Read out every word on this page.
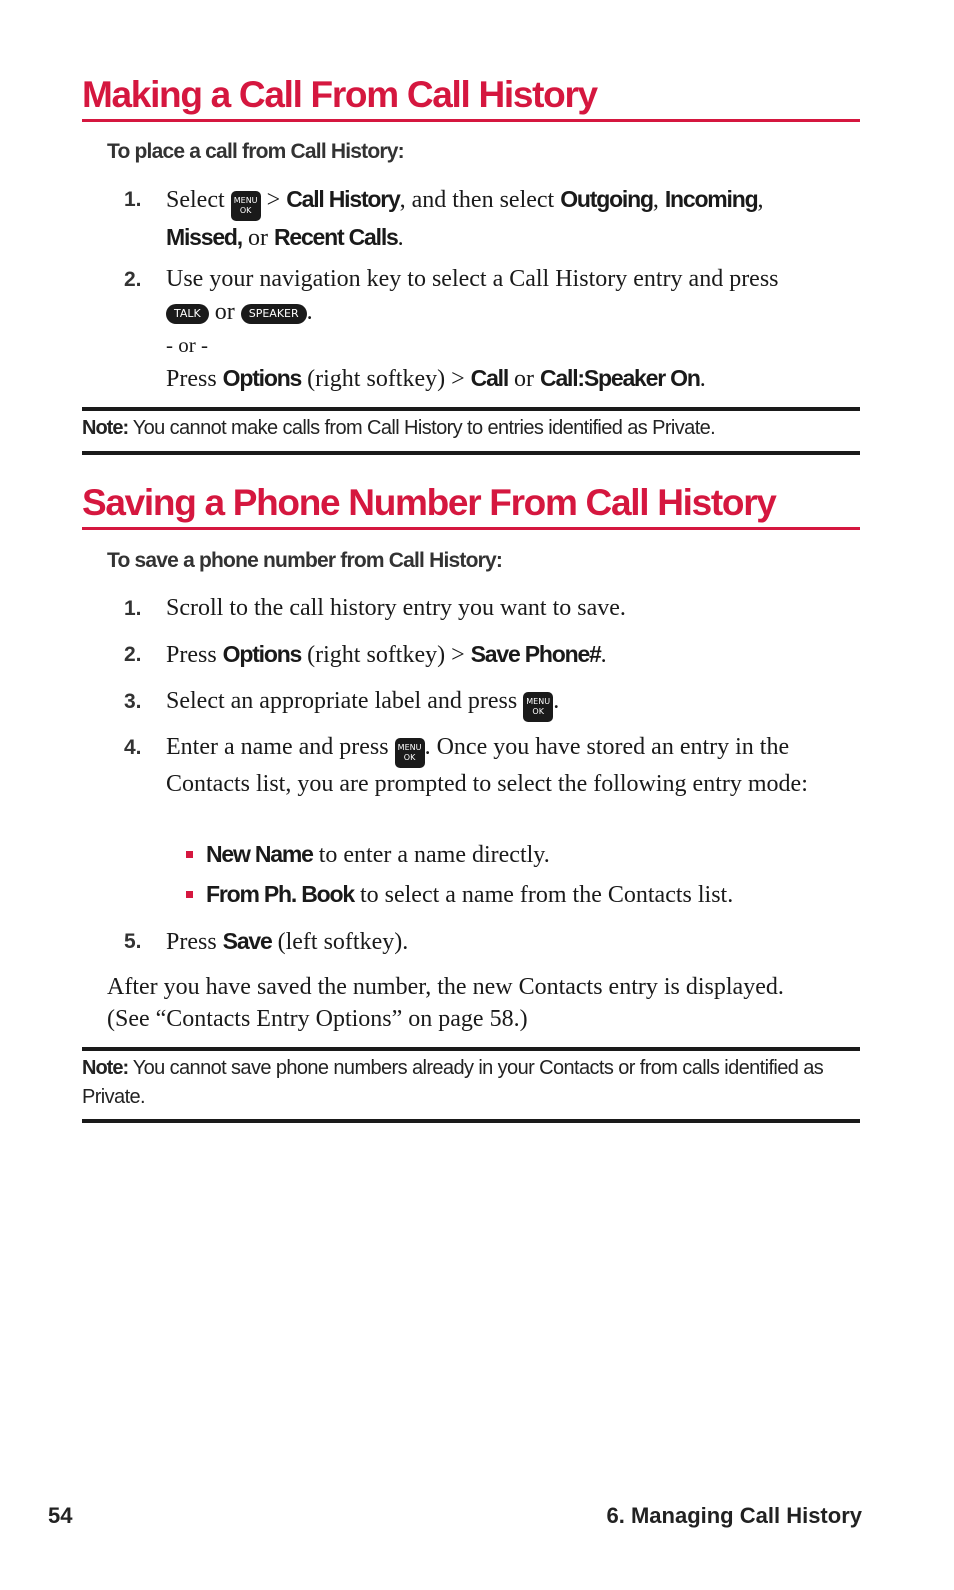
Making a Call From Call History

To place a call from Call History:

1. Select MENU
OK > Call History, and then select Outgoing, Incoming,
Missed, or Recent Calls.
2. Use your navigation key to select a Call History entry and press
TALK or SPEAKER .
- or -
Press Options (right softkey) > Call or Call:Speaker On.
Note: You cannot make calls from Call History to entries identified as Private.
Saving a Phone Number From Call History

To save a phone number from Call History:

1. Scroll to the call history entry you want to save.
2. Press Options (right softkey) > Save Phone#.
3. Select an appropriate label and press MENU
OK .
4. Enter a name and press MENU
OK . Once you have stored an entry in the Contacts list, you are prompted to select the following entry mode:
New Name to enter a name directly.
From Ph. Book to select a name from the Contacts list.
5. Press Save (left softkey).
After you have saved the number, the new Contacts entry is displayed. (See “Contacts Entry Options” on page 58.)
Note: You cannot save phone numbers already in your Contacts or from calls identified as Private.
54	6. Managing Call History
